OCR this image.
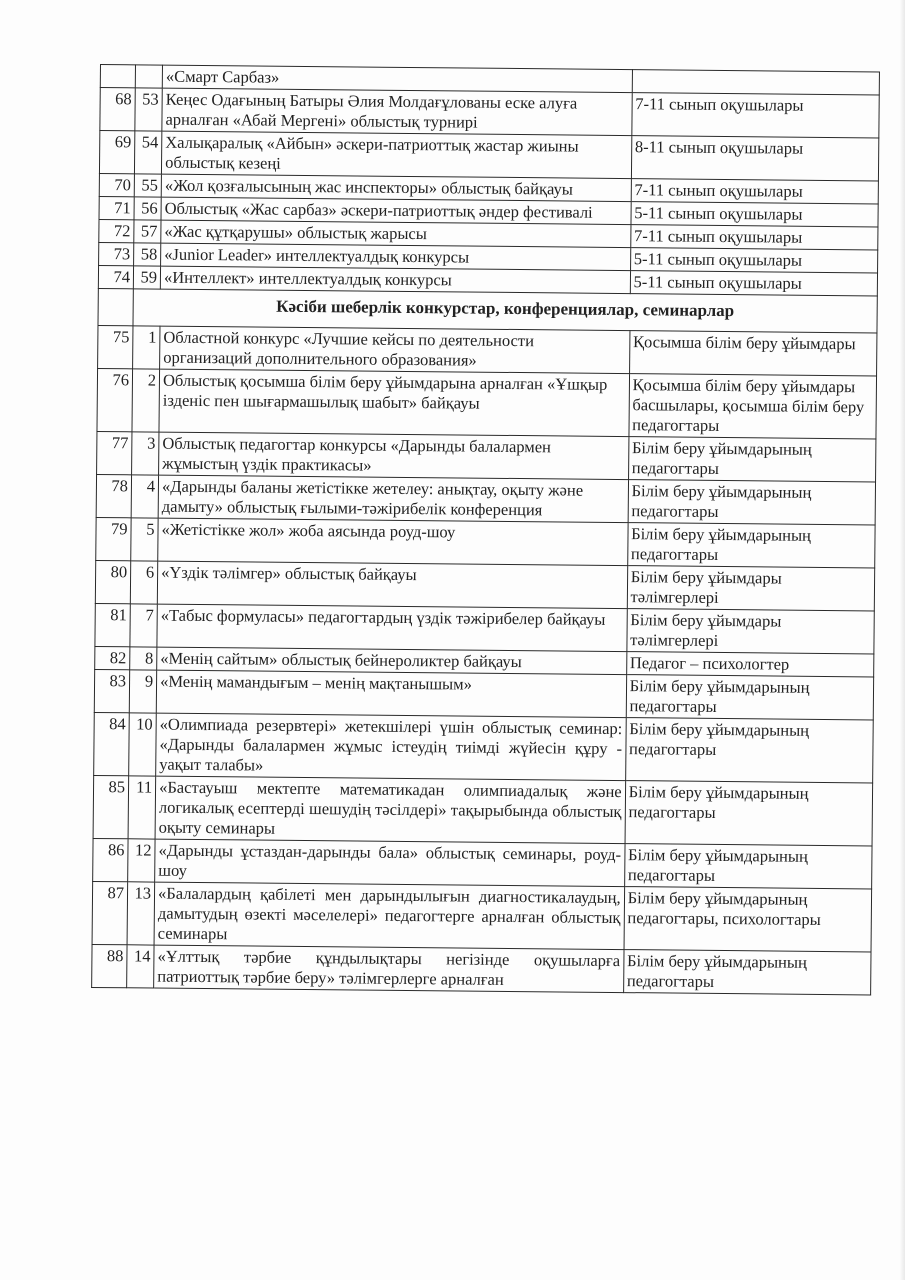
		«Смарт Сарбаз»	
68	53	Кеңес Одағының Батыры Әлия Молдағұлованы еске алуға арналған «Абай Мергені» облыстық турнирі	7-11 сынып оқушылары
69	54	Халықаралық «Айбын» әскери-патриоттық жастар жиыны облыстық кезеңі	8-11 сынып оқушылары
70	55	«Жол қозғалысының жас инспекторы» облыстық байқауы	7-11 сынып оқушылары
71	56	Облыстық «Жас сарбаз» әскери-патриоттық әндер фестивалі	5-11 сынып оқушылары
72	57	«Жас құтқарушы» облыстық жарысы	7-11 сынып оқушылары
73	58	«Junior Leader» интеллектуалдық конкурсы	5-11 сынып оқушылары
74	59	«Интеллект» интеллектуалдық конкурсы	5-11 сынып оқушылары
	Кәсіби шеберлік конкурстар, конференциялар, семинарлар		
75	1	Областной конкурс «Лучшие кейсы по деятельности организаций дополнительного образования»	Қосымша білім беру ұйымдары
76	2	Облыстық қосымша білім беру ұйымдарына арналған «Ұшқыр ізденіс пен шығармашылық шабыт» байқауы	Қосымша білім беру ұйымдары басшылары, қосымша білім беру педагогтары
77	3	Облыстық педагогтар конкурсы «Дарынды балалармен жұмыстың үздік практикасы»	Білім беру ұйымдарының педагогтары
78	4	«Дарынды баланы жетістікке жетелеу: анықтау, оқыту және дамыту» облыстық ғылыми-тәжірибелік конференция	Білім беру ұйымдарының педагогтары
79	5	«Жетістікке жол» жоба аясында роуд-шоу	Білім беру ұйымдарының педагогтары
80	6	«Үздік тәлімгер» облыстық байқауы	Білім беру ұйымдары тәлімгерлері
81	7	«Табыс формуласы» педагогтардың үздік тәжірибелер байқауы	Білім беру ұйымдары тәлімгерлері
82	8	«Менің сайтым» облыстық бейнероликтер байқауы	Педагог – психологтер
83	9	«Менің мамандығым – менің мақтанышым»	Білім беру ұйымдарының педагогтары
84	10	«Олимпиада резервтері» жетекшілері үшін облыстық семинар: «Дарынды балалармен жұмыс істеудің тиімді жүйесін құру - уақыт талабы»	Білім беру ұйымдарының педагогтары
85	11	«Бастауыш мектепте математикадан олимпиадалық және логикалық есептерді шешудің тәсілдері» тақырыбында облыстық оқыту семинары	Білім беру ұйымдарының педагогтары
86	12	«Дарынды ұстаздан-дарынды бала» облыстық семинары, роуд-шоу	Білім беру ұйымдарының педагогтары
87	13	«Балалардың қабілеті мен дарындылығын диагностикалаудың, дамытудың өзекті мәселелері» педагогтерге арналған облыстық семинары	Білім беру ұйымдарының педагогтары, психологтары
88	14	«Ұлттық тәрбие құндылықтары негізінде оқушыларға патриоттық тәрбие беру» тәлімгерлерге арналған	Білім беру ұйымдарының педагогтары
